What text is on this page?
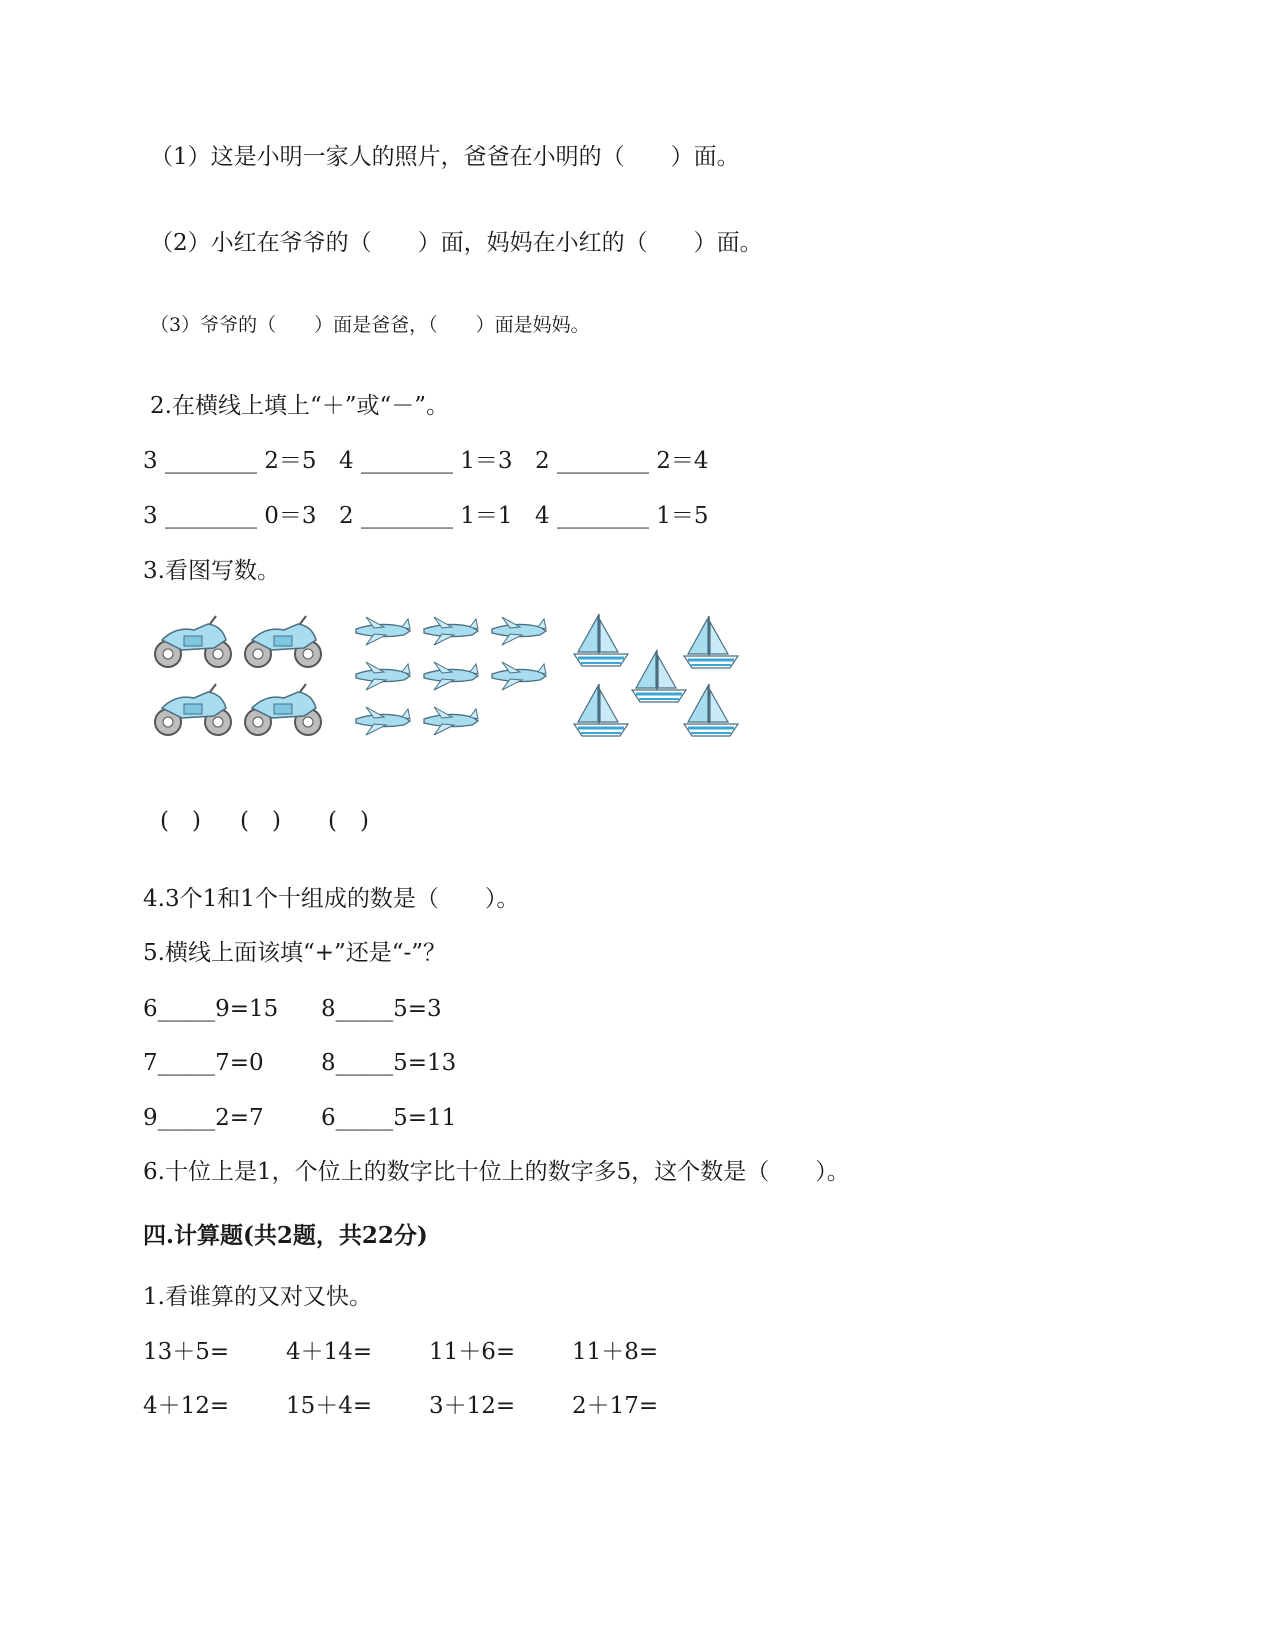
（1）这是小明一家人的照片，爸爸在小明的（　　）面。
（2）小红在爷爷的（　　）面，妈妈在小红的（　　）面。
（3）爷爷的（　　）面是爸爸，（　　）面是妈妈。
2.在横线上填上“＋”或“－”。
3 ________ 2＝5 4 ________ 1＝3 2 ________ 2＝4
3 ________ 0＝3 2 ________ 1＝1 4 ________ 1＝5
3.看图写数。
(　) (　) (　)
4.3个1和1个十组成的数是（　　）。
5.横线上面该填“+”还是“-”？
6_____9=15 8_____5=3
7_____7=0 8_____5=13
9_____2=7 6_____5=11
6.十位上是1，个位上的数字比十位上的数字多5，这个数是（　　）。
四.计算题(共2题，共22分)
1.看谁算的又对又快。
13＋5= 4＋14= 11＋6= 11＋8=
4＋12= 15＋4= 3＋12= 2＋17=
